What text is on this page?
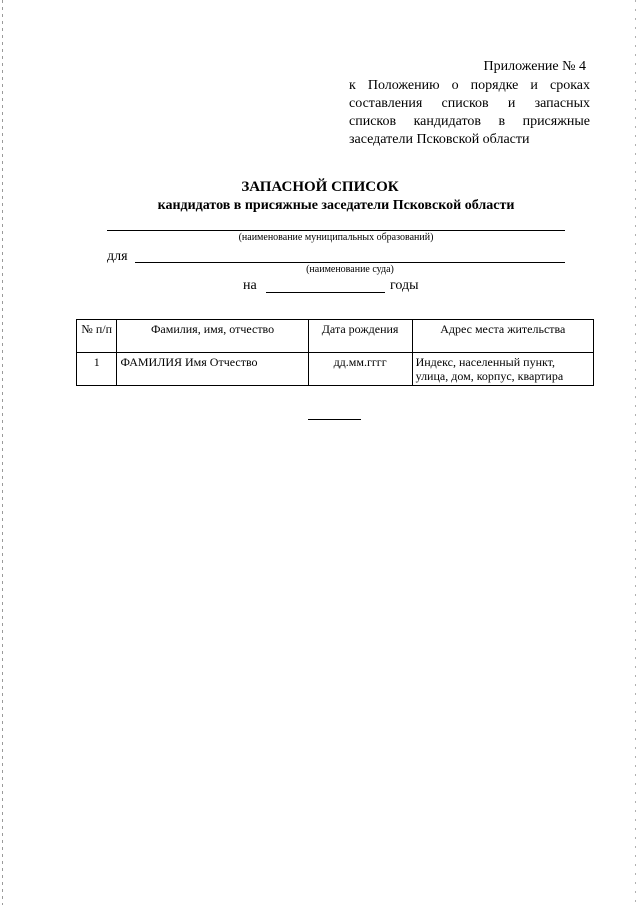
Приложение № 4
к Положению о порядке и сроках составления списков и запасных списков кандидатов в присяжные заседатели Псковской области
ЗАПАСНОЙ СПИСОК
кандидатов в присяжные заседатели Псковской области
(наименование муниципальных образований)
для
(наименование суда)
на	годы
№ п/п	Фамилия, имя, отчество	Дата рождения	Адрес места жительства
1	ФАМИЛИЯ Имя Отчество	дд.мм.гггг	Индекс, населенный пункт, улица, дом, корпус, квартира
